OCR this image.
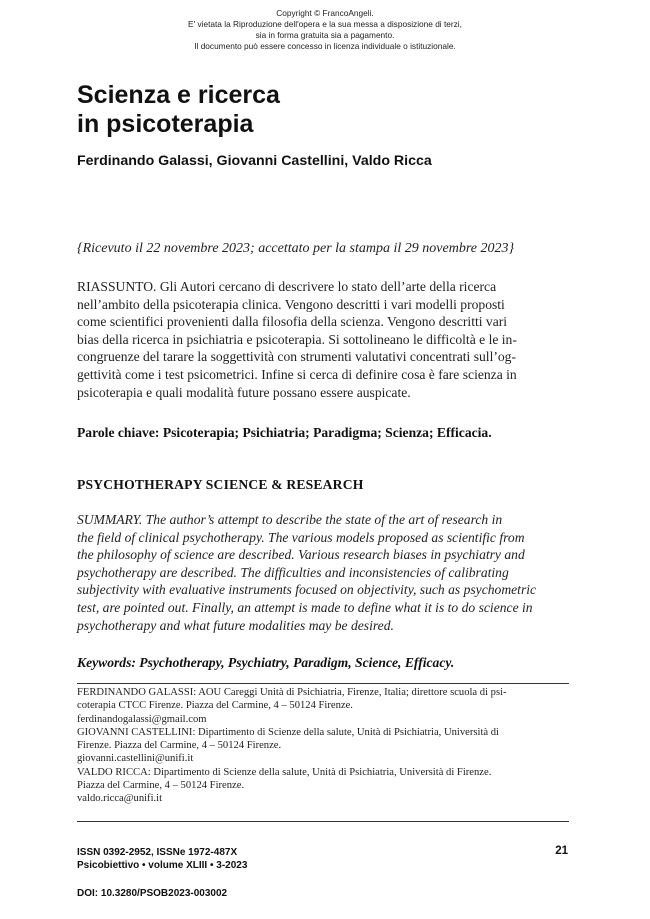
Copyright © FrancoAngeli.
E' vietata la Riproduzione dell'opera e la sua messa a disposizione di terzi,
sia in forma gratuita sia a pagamento.
Il documento può essere concesso in licenza individuale o istituzionale.
Scienza e ricerca
in psicoterapia
Ferdinando Galassi, Giovanni Castellini, Valdo Ricca
{Ricevuto il 22 novembre 2023; accettato per la stampa il 29 novembre 2023}
RIASSUNTO. Gli Autori cercano di descrivere lo stato dell’arte della ricerca
nell’ambito della psicoterapia clinica. Vengono descritti i vari modelli proposti
come scientifici provenienti dalla filosofia della scienza. Vengono descritti vari
bias della ricerca in psichiatria e psicoterapia. Si sottolineano le difficoltà e le in-
congruenze del tarare la soggettività con strumenti valutativi concentrati sull’og-
gettività come i test psicometrici. Infine si cerca di definire cosa è fare scienza in
psicoterapia e quali modalità future possano essere auspicate.
Parole chiave: Psicoterapia; Psichiatria; Paradigma; Scienza; Efficacia.
PSYCHOTHERAPY SCIENCE & RESEARCH
SUMMARY. The author’s attempt to describe the state of the art of research in
the field of clinical psychotherapy. The various models proposed as scientific from
the philosophy of science are described. Various research biases in psychiatry and
psychotherapy are described. The difficulties and inconsistencies of calibrating
subjectivity with evaluative instruments focused on objectivity, such as psychometric
test, are pointed out. Finally, an attempt is made to define what it is to do science in
psychotherapy and what future modalities may be desired.
Keywords: Psychotherapy, Psychiatry, Paradigm, Science, Efficacy.
FERDINANDO GALASSI: AOU Careggi Unità di Psichiatria, Firenze, Italia; direttore scuola di psi-
coterapia CTCC Firenze. Piazza del Carmine, 4 – 50124 Firenze.
ferdinandogalassi@gmail.com
GIOVANNI CASTELLINI: Dipartimento di Scienze della salute, Unità di Psichiatria, Università di
Firenze. Piazza del Carmine, 4 – 50124 Firenze.
giovanni.castellini@unifi.it
VALDO RICCA: Dipartimento di Scienze della salute, Unità di Psichiatria, Università di Firenze.
Piazza del Carmine, 4 – 50124 Firenze.
valdo.ricca@unifi.it
ISSN 0392-2952, ISSNe 1972-487X
Psicobiettivo • volume XLIII • 3-2023
DOI: 10.3280/PSOB2023-003002
21
